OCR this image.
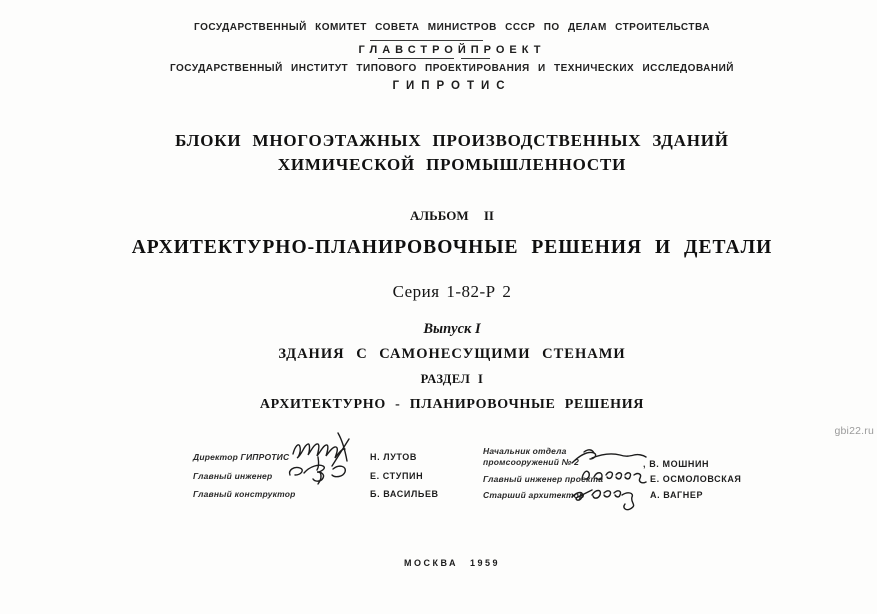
ГОСУДАРСТВЕННЫЙ КОМИТЕТ СОВЕТА МИНИСТРОВ СССР ПО ДЕЛАМ СТРОИТЕЛЬСТВА
ГЛАВСТРОЙПРОЕКТ
ГОСУДАРСТВЕННЫЙ ИНСТИТУТ ТИПОВОГО ПРОЕКТИРОВАНИЯ И ТЕХНИЧЕСКИХ ИССЛЕДОВАНИЙ
ГИПРОТИС
БЛОКИ МНОГОЭТАЖНЫХ ПРОИЗВОДСТВЕННЫХ ЗДАНИЙ
ХИМИЧЕСКОЙ ПРОМЫШЛЕННОСТИ
АЛЬБОМ II
АРХИТЕКТУРНО-ПЛАНИРОВОЧНЫЕ РЕШЕНИЯ И ДЕТАЛИ
Серия 1-82-Р 2
Выпуск I
ЗДАНИЯ С САМОНЕСУЩИМИ СТЕНАМИ
РАЗДЕЛ I
АРХИТЕКТУРНО - ПЛАНИРОВОЧНЫЕ РЕШЕНИЯ
Директор ГИПРОТИС	Н. ЛУТОВ
Главный инженер	Е. СТУПИН
Главный конструктор	Б. ВАСИЛЬЕВ
Начальник отдела
промсооружений № 2	, В. МОШНИН
Главный инженер проекта	Е. ОСМОЛОВСКАЯ
Старший архитектор	А. ВАГНЕР
МОСКВА 1959
gbi22.ru
